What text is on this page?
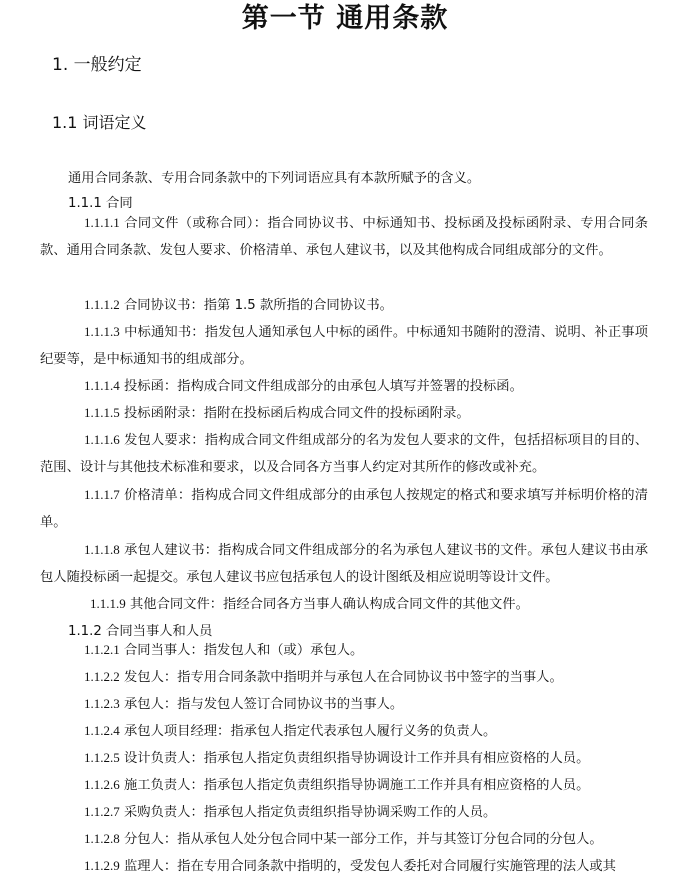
第一节 通用条款
1. 一般约定
1.1 词语定义
通用合同条款、专用合同条款中的下列词语应具有本款所赋予的含义。
1.1.1 合同
1.1.1.1 合同文件（或称合同）：指合同协议书、中标通知书、投标函及投标函附录、专用合同条款、通用合同条款、发包人要求、价格清单、承包人建议书，以及其他构成合同组成部分的文件。
1.1.1.2 合同协议书：指第 1.5 款所指的合同协议书。
1.1.1.3 中标通知书：指发包人通知承包人中标的函件。中标通知书随附的澄清、说明、补正事项纪要等，是中标通知书的组成部分。
1.1.1.4 投标函：指构成合同文件组成部分的由承包人填写并签署的投标函。
1.1.1.5 投标函附录：指附在投标函后构成合同文件的投标函附录。
1.1.1.6 发包人要求：指构成合同文件组成部分的名为发包人要求的文件，包括招标项目的目的、范围、设计与其他技术标准和要求，以及合同各方当事人约定对其所作的修改或补充。
1.1.1.7 价格清单：指构成合同文件组成部分的由承包人按规定的格式和要求填写并标明价格的清单。
1.1.1.8 承包人建议书：指构成合同文件组成部分的名为承包人建议书的文件。承包人建议书由承包人随投标函一起提交。承包人建议书应包括承包人的设计图纸及相应说明等设计文件。
1.1.1.9 其他合同文件：指经合同各方当事人确认构成合同文件的其他文件。
1.1.2 合同当事人和人员
1.1.2.1 合同当事人：指发包人和（或）承包人。
1.1.2.2 发包人：指专用合同条款中指明并与承包人在合同协议书中签字的当事人。
1.1.2.3 承包人：指与发包人签订合同协议书的当事人。
1.1.2.4 承包人项目经理：指承包人指定代表承包人履行义务的负责人。
1.1.2.5 设计负责人：指承包人指定负责组织指导协调设计工作并具有相应资格的人员。
1.1.2.6 施工负责人：指承包人指定负责组织指导协调施工工作并具有相应资格的人员。
1.1.2.7 采购负责人：指承包人指定负责组织指导协调采购工作的人员。
1.1.2.8 分包人：指从承包人处分包合同中某一部分工作，并与其签订分包合同的分包人。
1.1.2.9 监理人：指在专用合同条款中指明的，受发包人委托对合同履行实施管理的法人或其
